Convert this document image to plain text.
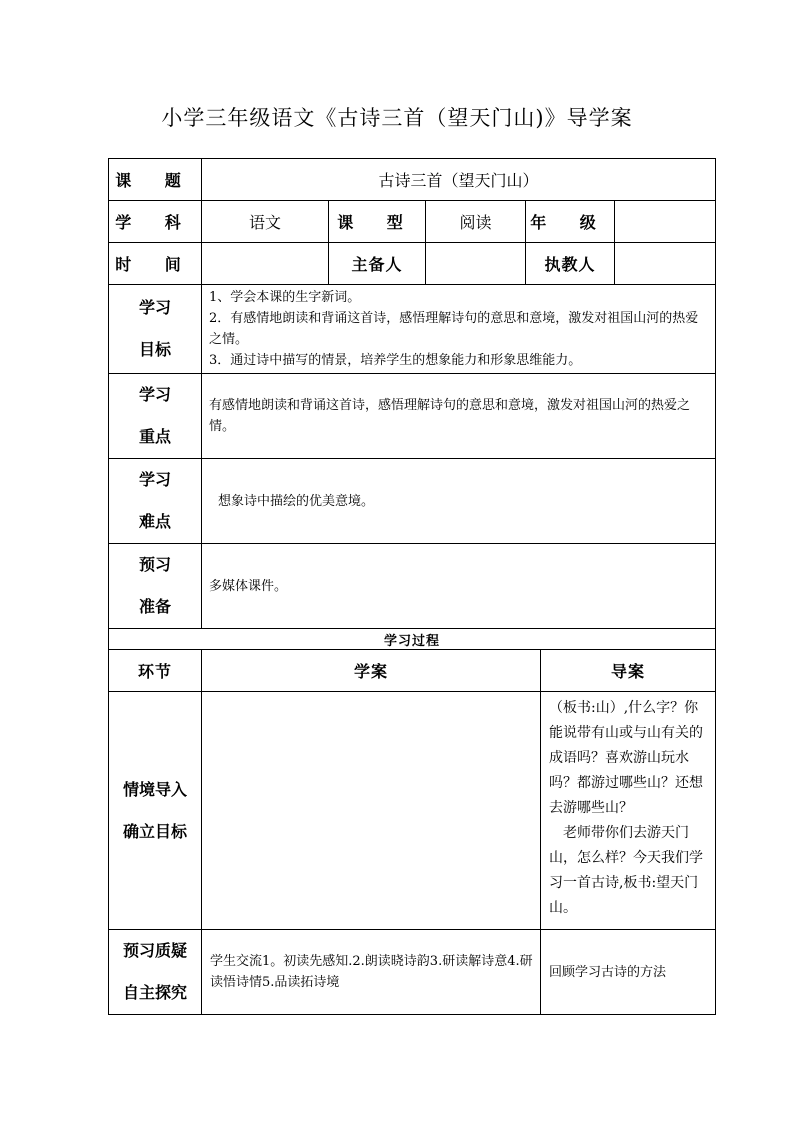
小学三年级语文《古诗三首（望天门山)》导学案
课 题	古诗三首（望天门山）					
学 科	语文	课 型	阅读	年 级		
时 间		主备人		执教人		

学习
目标	1、学会本课的生字新词。
2．有感情地朗读和背诵这首诗，感悟理解诗句的意思和意境，激发对祖国山河的热爱之情。
3．通过诗中描写的情景，培养学生的想象能力和形象思维能力。					

学习
重点	有感情地朗读和背诵这首诗，感悟理解诗句的意思和意境，激发对祖国山河的热爱之情。					

学习
难点	想象诗中描绘的优美意境。					

预习
准备	多媒体课件。					
学习过程						
环节	学案				导案	

情境导入
确立目标					（板书:山）,什么字？你能说带有山或与山有关的成语吗？喜欢游山玩水吗？都游过哪些山？还想去游哪些山？
老师带你们去游天门山，怎么样？今天我们学习一首古诗,板书:望天门山。	

预习质疑
自主探究	学生交流1。初读先感知.2.朗读晓诗韵3.研读解诗意4.研读悟诗情5.品读拓诗境				回顾学习古诗的方法	
